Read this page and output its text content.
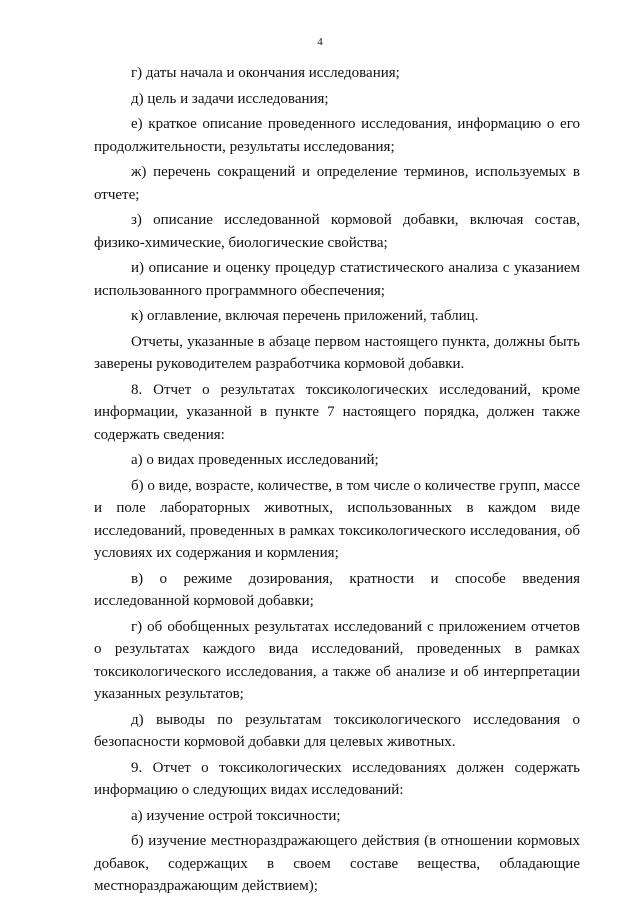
4

г) даты начала и окончания исследования;

д) цель и задачи исследования;

е) краткое описание проведенного исследования, информацию о его продолжительности, результаты исследования;

ж) перечень сокращений и определение терминов, используемых в отчете;

з) описание исследованной кормовой добавки, включая состав, физико-химические, биологические свойства;

и) описание и оценку процедур статистического анализа с указанием использованного программного обеспечения;

к) оглавление, включая перечень приложений, таблиц.

Отчеты, указанные в абзаце первом настоящего пункта, должны быть заверены руководителем разработчика кормовой добавки.

8. Отчет о результатах токсикологических исследований, кроме информации, указанной в пункте 7 настоящего порядка, должен также содержать сведения:

а) о видах проведенных исследований;

б) о виде, возрасте, количестве, в том числе о количестве групп, массе и поле лабораторных животных, использованных в каждом виде исследований, проведенных в рамках токсикологического исследования, об условиях их содержания и кормления;

в) о режиме дозирования, кратности и способе введения исследованной кормовой добавки;

г) об обобщенных результатах исследований с приложением отчетов о результатах каждого вида исследований, проведенных в рамках токсикологического исследования, а также об анализе и об интерпретации указанных результатов;

д) выводы по результатам токсикологического исследования о безопасности кормовой добавки для целевых животных.

9. Отчет о токсикологических исследованиях должен содержать информацию о следующих видах исследований:

а) изучение острой токсичности;

б) изучение местнораздражающего действия (в отношении кормовых добавок, содержащих в своем составе вещества, обладающие местнораздражающим действием);
